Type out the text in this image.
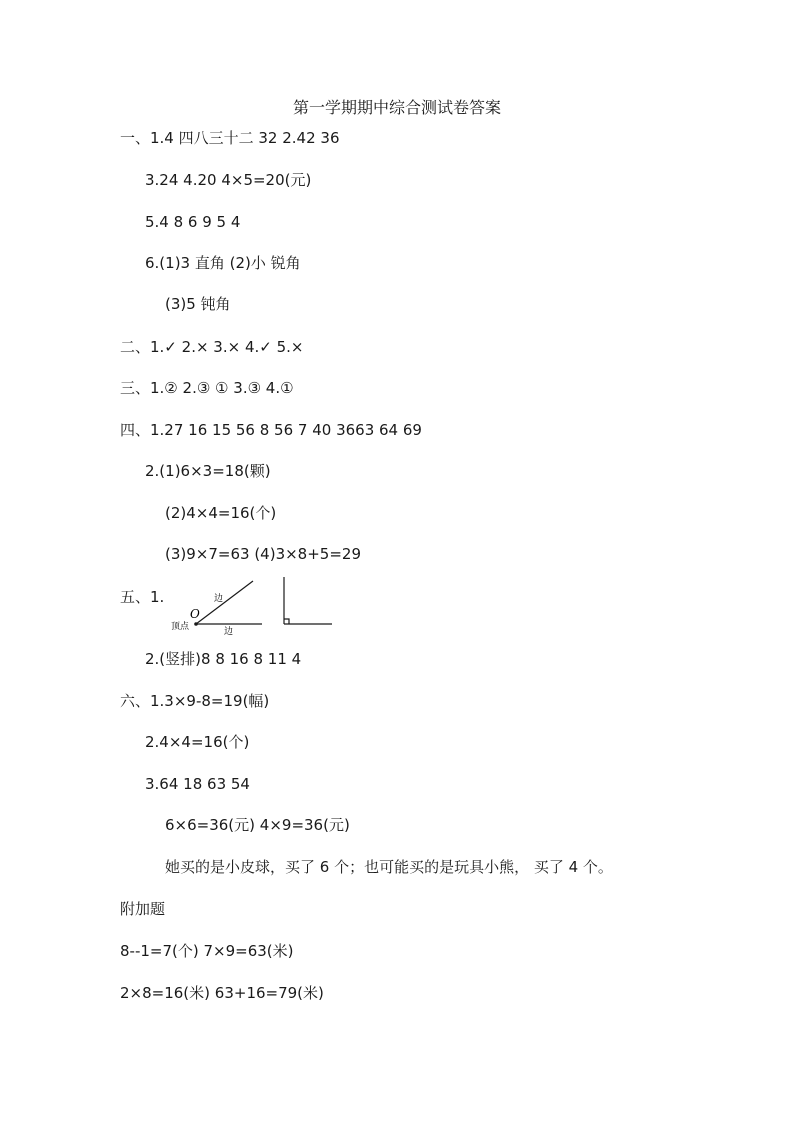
第一学期期中综合测试卷答案
一、1.4 四八三十二 32 2.42 36
3.24 4.20 4×5=20(元)
5.4 8 6 9 5 4
6.(1)3 直角 (2)小 锐角
(3)5 钝角
二、1.✓ 2.× 3.× 4.✓ 5.×
三、1.② 2.③ ① 3.③ 4.①
四、1.27 16 15 56 8 56 7 40 3663 64 69
2.(1)6×3=18(颗)
(2)4×4=16(个)
(3)9×7=63 (4)3×8+5=29
五、1.
O
顶点
边
边
2.(竖排)8 8 16 8 11 4
六、1.3×9-8=19(幅)
2.4×4=16(个)
3.64 18 63 54
6×6=36(元) 4×9=36(元)
她买的是小皮球，买了 6 个；也可能买的是玩具小熊， 买了 4 个。
附加题
8--1=7(个) 7×9=63(米)
2×8=16(米) 63+16=79(米)
